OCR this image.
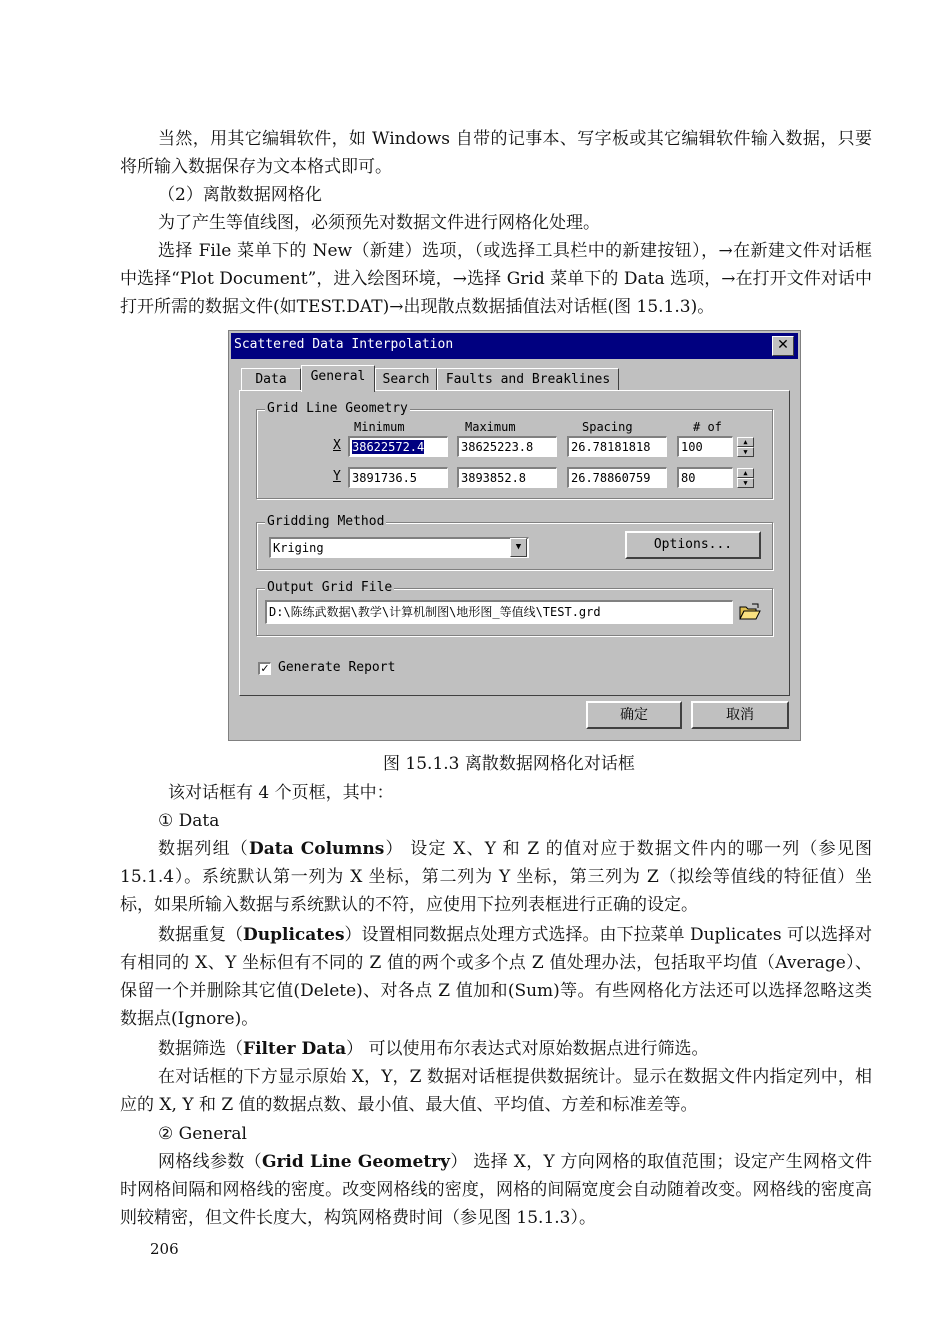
当然，用其它编辑软件，如 Windows 自带的记事本、写字板或其它编辑软件输入数据，只要将所输入数据保存为文本格式即可。

（2）离散数据网格化

为了产生等值线图，必须预先对数据文件进行网格化处理。

选择 File 菜单下的 New（新建）选项，（或选择工具栏中的新建按钮），→在新建文件对话框中选择“Plot Document”，进入绘图环境，→选择 Grid 菜单下的 Data 选项，→在打开文件对话中打开所需的数据文件(如TEST.DAT)→出现散点数据插值法对话框(图 15.1.3)。

Scattered Data Interpolation	✕
Data	General	Search	Faults and Breaklines
Grid Line Geometry
Minimum	Maximum	Spacing	# of
X 38622572.4	38625223.8	26.78181818	100	▲
▼
Y 3891736.5	3893852.8	26.78860759	80	▲
▼
Gridding Method
Kriging	▼	Options...
Output Grid File
D:\陈练武数据\教学\计算机制图\地形图_等值线\TEST.grd
✓ Generate Report
确定	取消

图 15.1.3 离散数据网格化对话框

该对话框有 4 个页框，其中：

① Data

数据列组（Data Columns） 设定 X、Y 和 Z 的值对应于数据文件内的哪一列（参见图 15.1.4）。系统默认第一列为 X 坐标，第二列为 Y 坐标，第三列为 Z（拟绘等值线的特征值）坐标，如果所输入数据与系统默认的不符，应使用下拉列表框进行正确的设定。

数据重复（Duplicates）设置相同数据点处理方式选择。由下拉菜单 Duplicates 可以选择对有相同的 X、Y 坐标但有不同的 Z 值的两个或多个点 Z 值处理办法，包括取平均值（Average）、保留一个并删除其它值(Delete)、对各点 Z 值加和(Sum)等。有些网格化方法还可以选择忽略这类数据点(Ignore)。

数据筛选（Filter Data） 可以使用布尔表达式对原始数据点进行筛选。

在对话框的下方显示原始 X，Y，Z 数据对话框提供数据统计。显示在数据文件内指定列中，相应的 X, Y 和 Z 值的数据点数、最小值、最大值、平均值、方差和标准差等。

② General

网格线参数（Grid Line Geometry） 选择 X，Y 方向网格的取值范围；设定产生网格文件时网格间隔和网格线的密度。改变网格线的密度，网格的间隔宽度会自动随着改变。网格线的密度高则较精密，但文件长度大，构筑网格费时间（参见图 15.1.3）。

206
